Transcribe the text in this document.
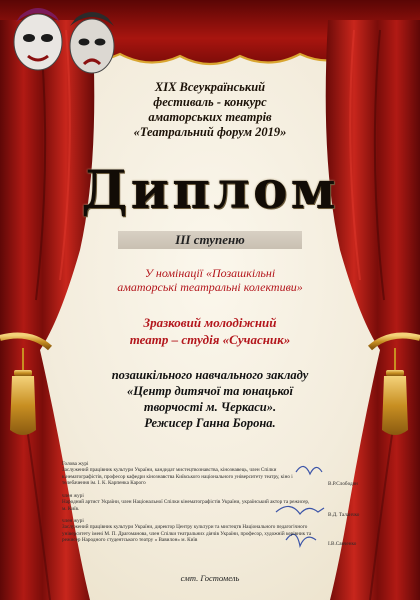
XIX Всеукраїнський
фестиваль - конкурс
аматорських театрів
«Театральний форум 2019»
Диплом
ІІІ ступеню
У номінації «Позашкільні
аматорські театральні колективи»
Зразковий молодіжний
театр – студія «Сучасник»
позашкільного навчального закладу
«Центр дитячої та юнацької
творчості м. Черкаси».
Режисер Ганна Борона.
Голова журі
Заслужений працівник культури України, кандидат мистецтвознавства, кінознавець, член Спілки кінематографістів, професор кафедри кінознавства Київського національного університету театру, кіно і телебачення ім. І. К. Карпенка Карого	В.Р.Слободян
член журі
Народний артист України, член Національної Спілки кінематографістів України, український актор та режисер, м. Київ.
В.Д. Таланчко
член журі
Заслужений працівник культури України, директор Центру культури та мистецтв Національного педагогічного університету імені М. П. Драгоманова, член Спілки театральних діячів України, професор, художній керівник та режисер Народного студентського театру « Вавилон» м. Київ
І.В.Савченко
смт. Гостомель
